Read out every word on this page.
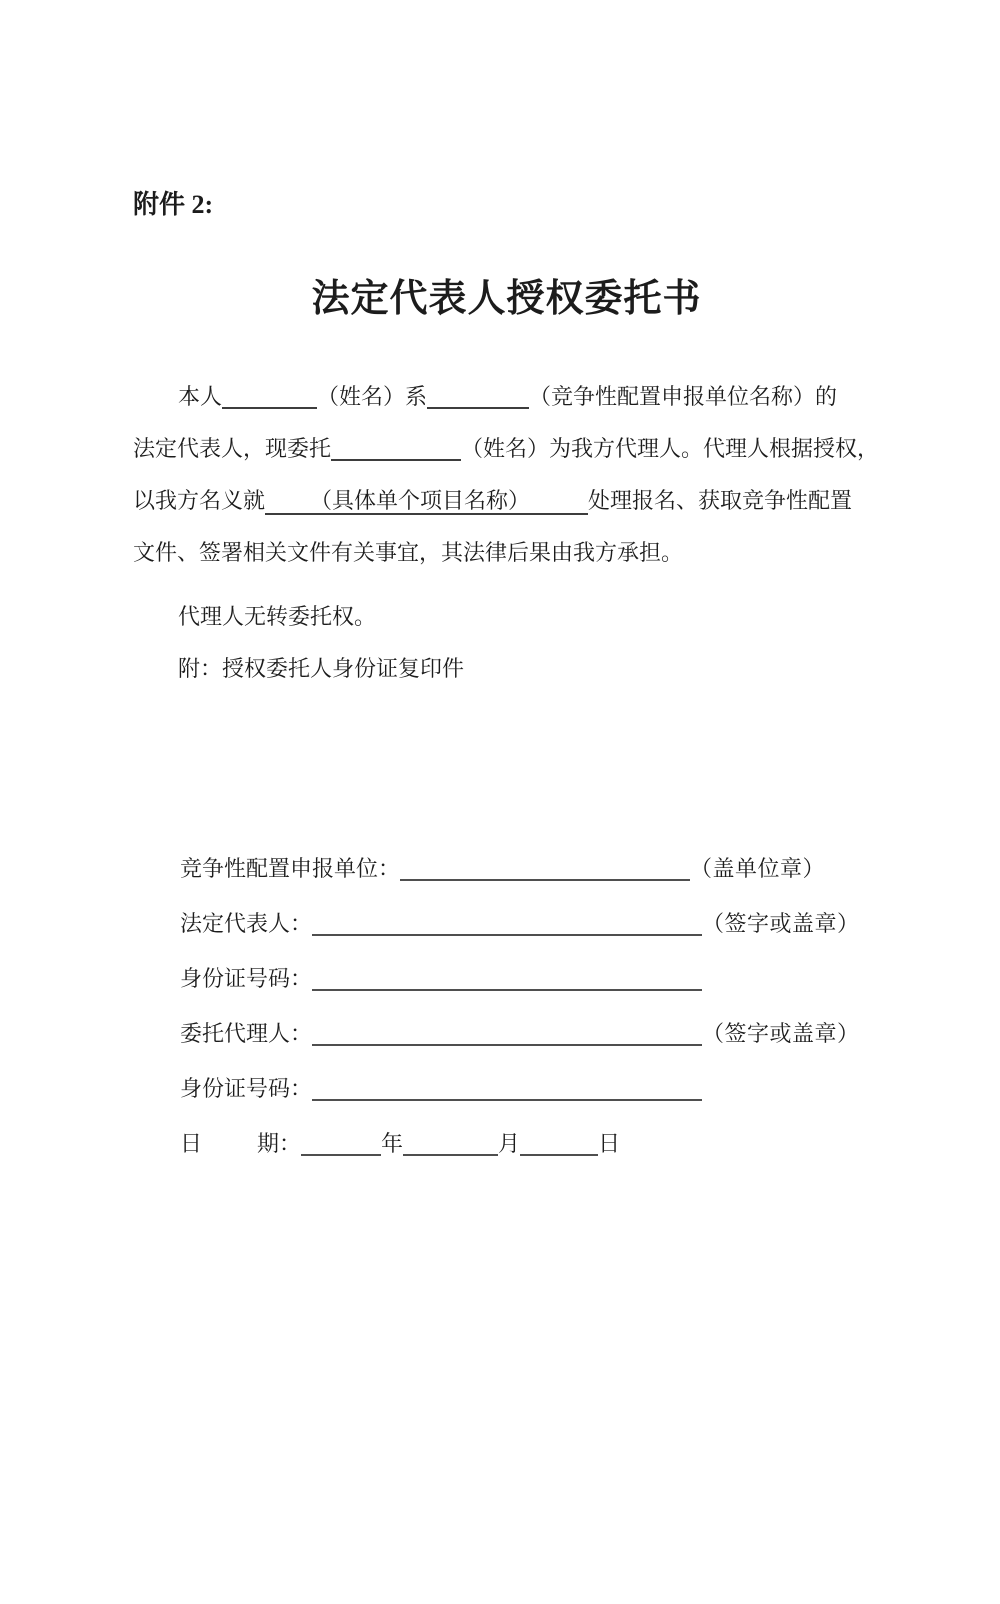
附件 2:
法定代表人授权委托书
本人	（姓名）系	（竞争性配置申报单位名称）的
法定代表人，现委托	（姓名）为我方代理人。代理人根据授权，
以我方名义就 （具体单个项目名称）	处理报名、获取竞争性配置
文件、签署相关文件有关事宜，其法律后果由我方承担。
代理人无转委托权。
附：授权委托人身份证复印件
竞争性配置申报单位：	（盖单位章）
法定代表人：	（签字或盖章）
身份证号码：
委托代理人：	（签字或盖章）
身份证号码：
日	期：	年	月	日
